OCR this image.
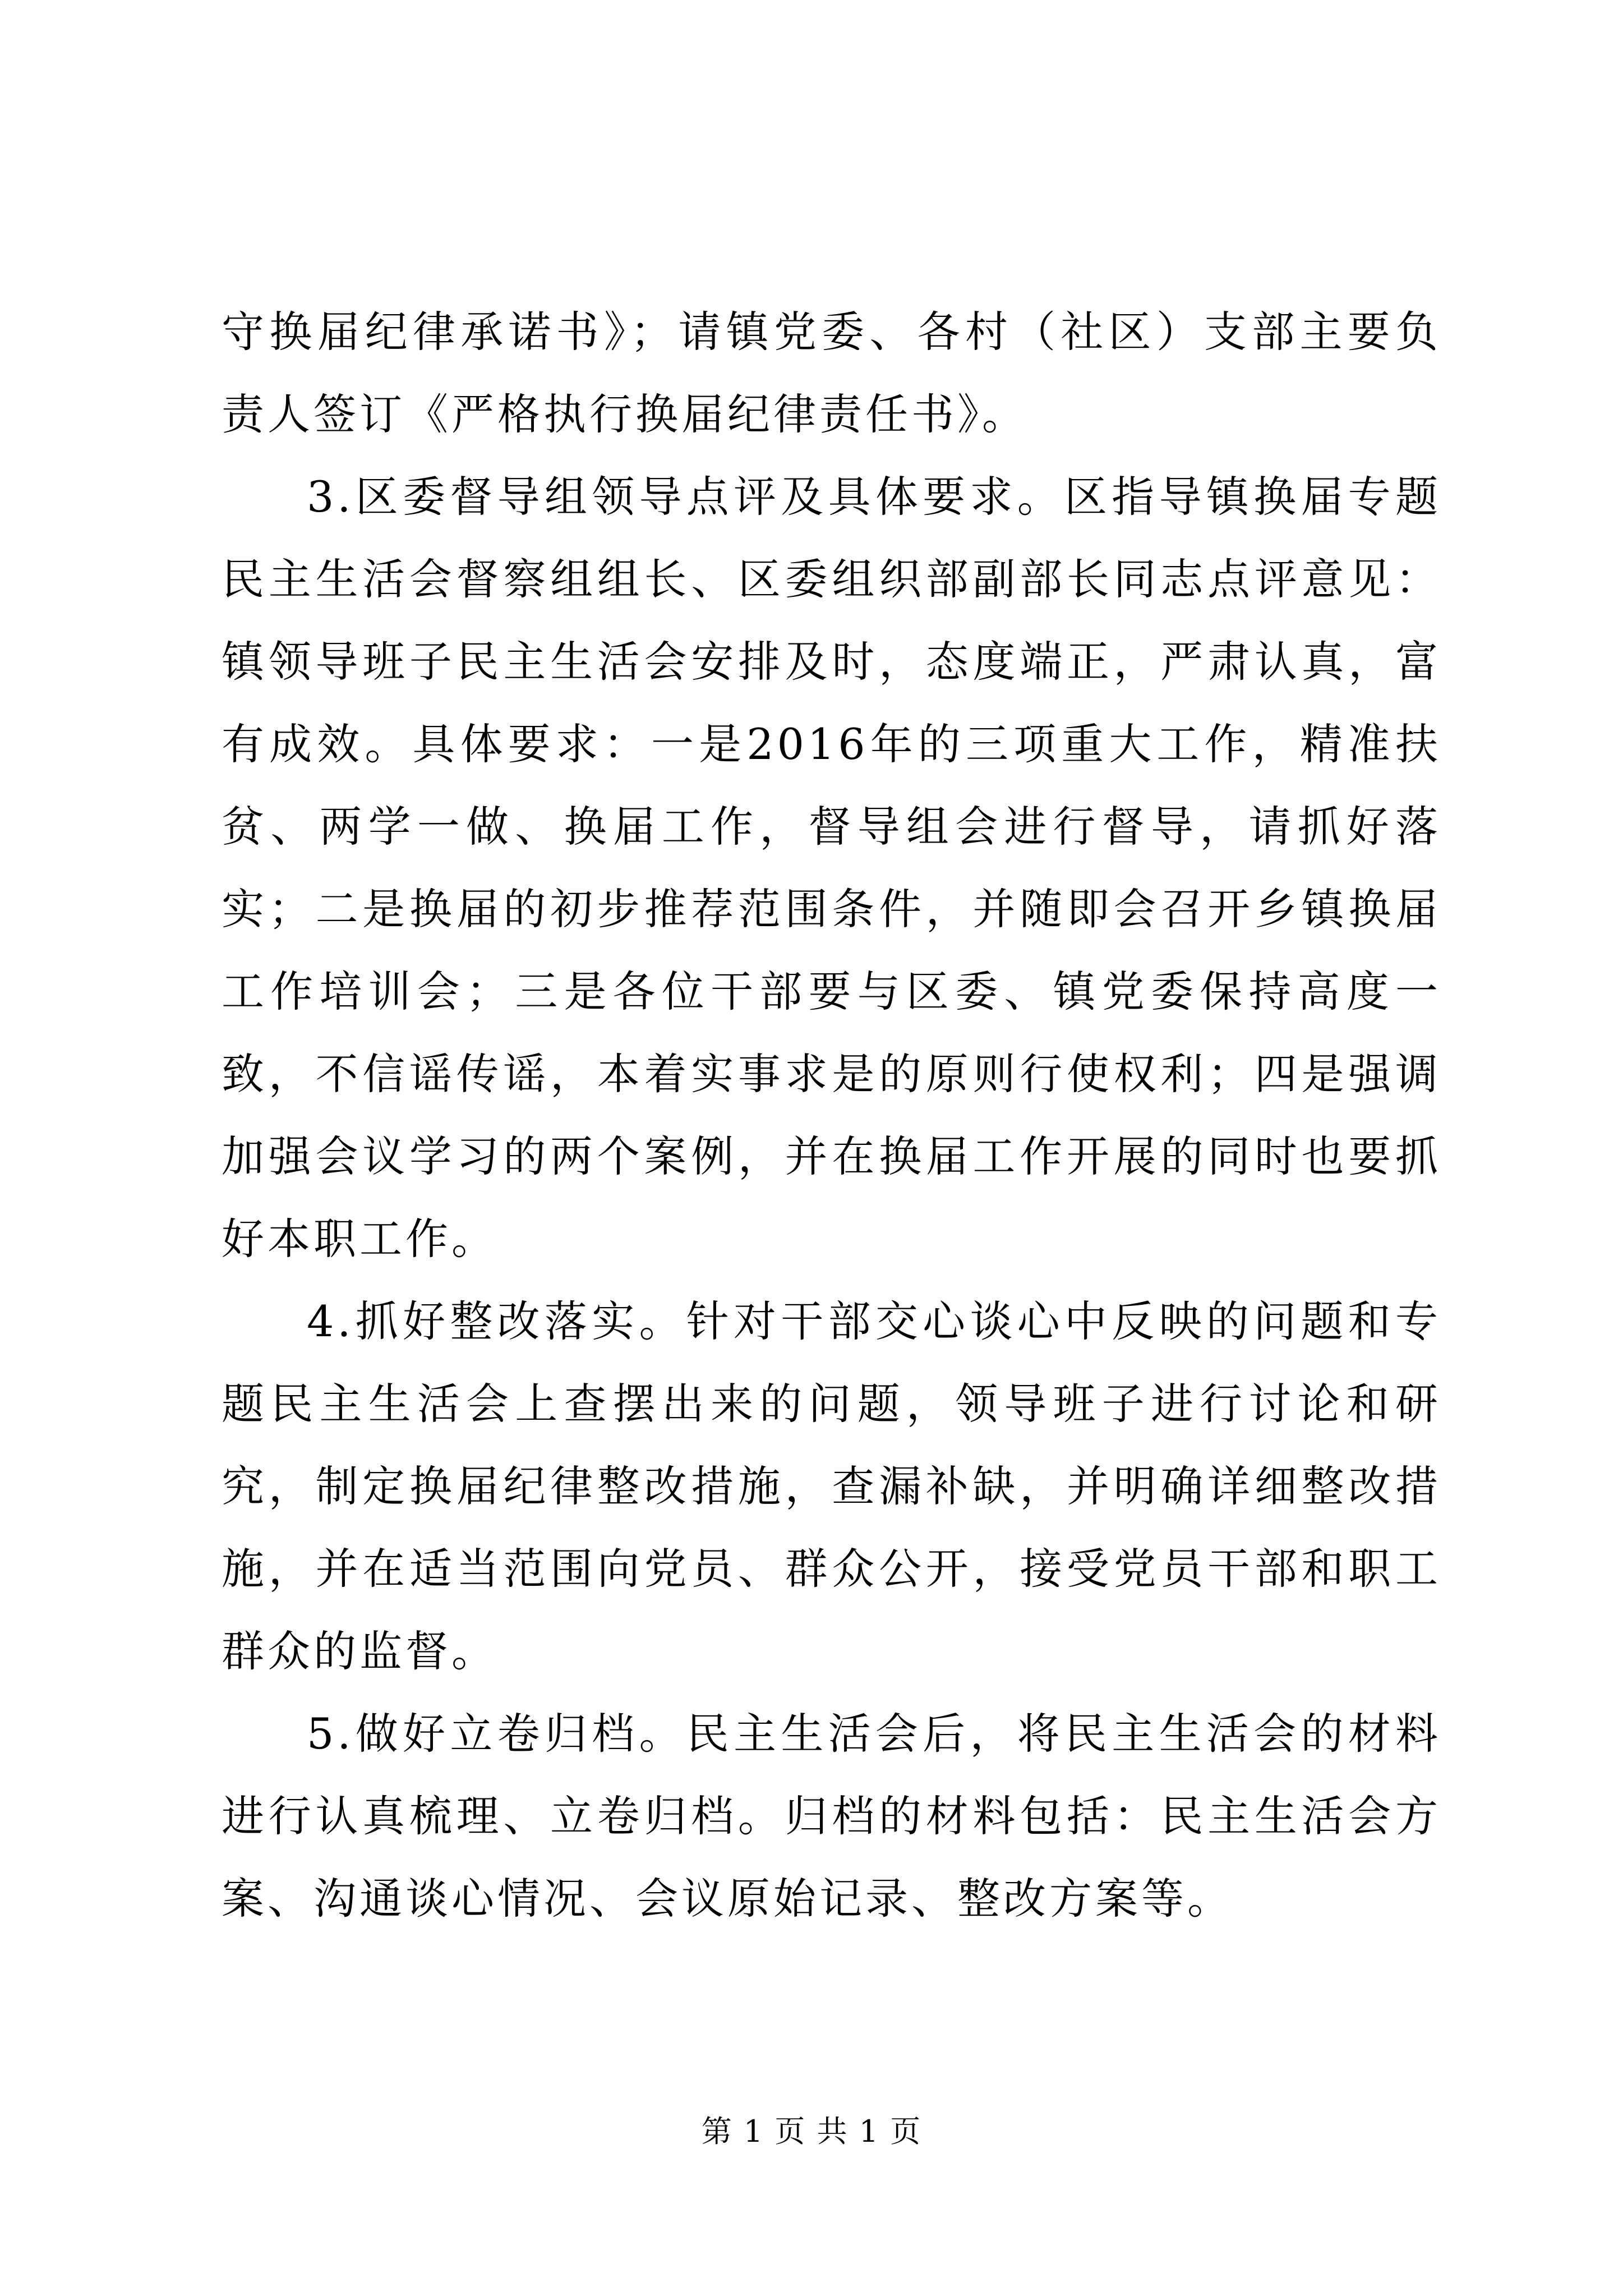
守换届纪律承诺书》；请镇党委、各村（社区）支部主要负责人签订《严格执行换届纪律责任书》。

3.区委督导组领导点评及具体要求。区指导镇换届专题民主生活会督察组组长、区委组织部副部长同志点评意见：镇领导班子民主生活会安排及时，态度端正，严肃认真，富有成效。具体要求：一是2016年的三项重大工作，精准扶贫、两学一做、换届工作，督导组会进行督导，请抓好落实；二是换届的初步推荐范围条件，并随即会召开乡镇换届工作培训会；三是各位干部要与区委、镇党委保持高度一致，不信谣传谣，本着实事求是的原则行使权利；四是强调加强会议学习的两个案例，并在换届工作开展的同时也要抓好本职工作。

4.抓好整改落实。针对干部交心谈心中反映的问题和专题民主生活会上查摆出来的问题，领导班子进行讨论和研究，制定换届纪律整改措施，查漏补缺，并明确详细整改措施，并在适当范围向党员、群众公开，接受党员干部和职工群众的监督。

5.做好立卷归档。民主生活会后，将民主生活会的材料进行认真梳理、立卷归档。归档的材料包括：民主生活会方案、沟通谈心情况、会议原始记录、整改方案等。

第 1 页 共 1 页
